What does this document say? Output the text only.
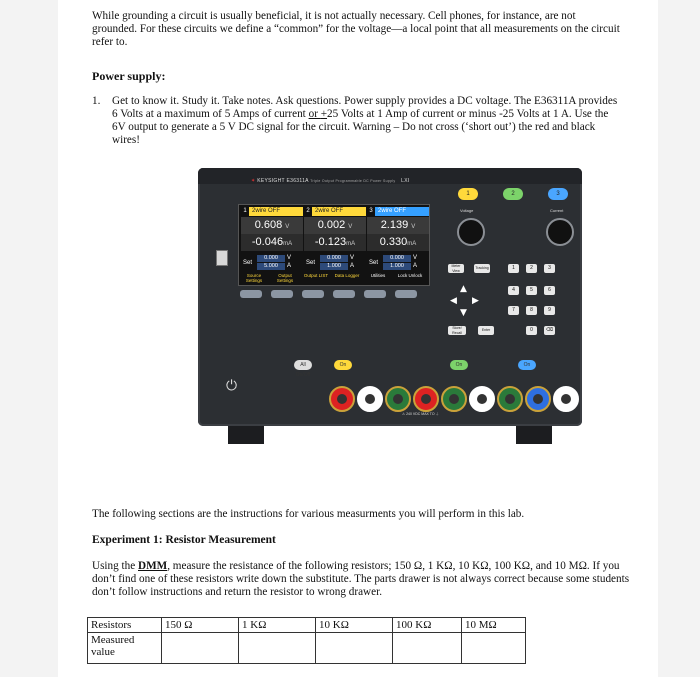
While grounding a circuit is usually beneficial, it is not actually necessary. Cell phones, for instance, are not grounded. For these circuits we define a “common” for the voltage—a local point that all measurements on the circuit refer to.
Power supply:
1. Get to know it. Study it. Take notes. Ask questions. Power supply provides a DC voltage. The E36311A provides 6 Volts at a maximum of 5 Amps of current or +25 Volts at 1 Amp of current or minus -25 Volts at 1 A. Use the 6V output to generate a 5 V DC signal for the circuit. Warning – Do not cross (‘short out’) the red and black wires!
✶ KEYSIGHT E36311A Triple Output Programmable DC Power Supply LXI
⏻
1 2wire OFF
0.608 V
-0.046mA
Set
0.000
5.000
V
A
2 2wire OFF
0.002 V
-0.123mA
Set
0.000
1.000
V
A
3 2wire OFF
2.139 V
0.330mA
Set
0.000
1.000
V
A
Source Settings
Output Settings
Output LIST	Data Logger	Utilities	Lock Unlock
1	2	3
Voltage	Current
Meter View
Tracking	1	2	3
4	5	6
7	8	9
0	⌫
Store/ Recall
Enter
▲
◀ ▶
▼
All On/Off
On	On	On
⚠ 240 VDC MAX TO ⏚
The following sections are the instructions for various measurments you will perform in this lab.
Experiment 1: Resistor Measurement
Using the DMM, measure the resistance of the following resistors; 150 Ω, 1 KΩ, 10 KΩ, 100 KΩ, and 10 MΩ. If you don’t find one of these resistors write down the substitute. The parts drawer is not always correct because some students don’t follow instructions and return the resistor to wrong drawer.
Resistors	150 Ω	1 KΩ	10 KΩ	100 KΩ	10 MΩ
Measured value					
